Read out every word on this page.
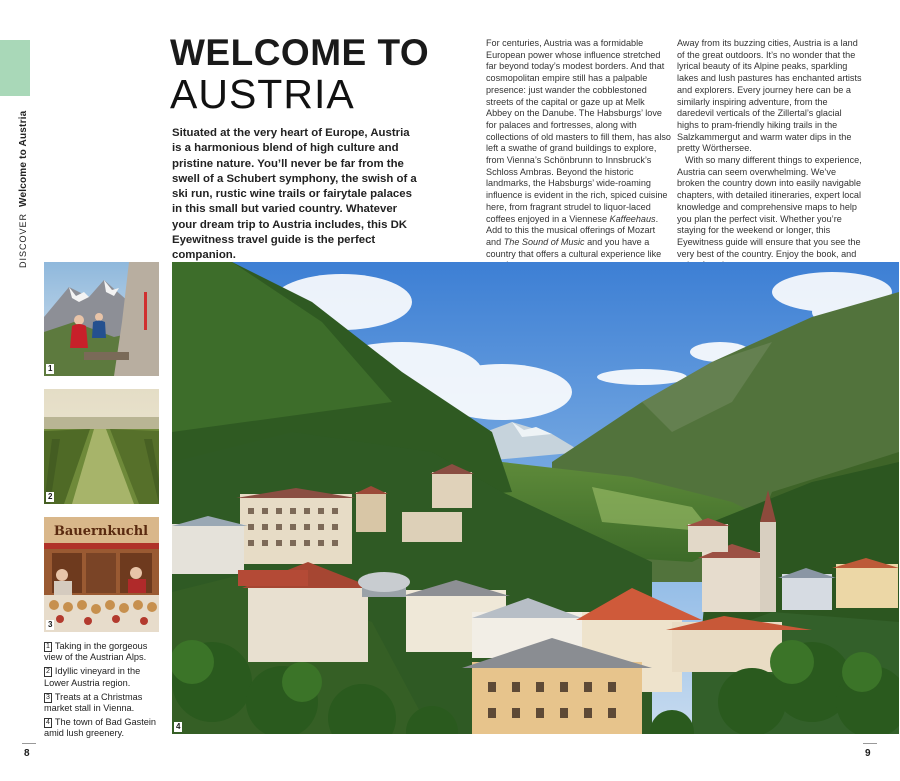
DISCOVERWelcome to Austria
WELCOME TO
AUSTRIA
Situated at the very heart of Europe, Austria is a harmonious blend of high culture and pristine nature. You’ll never be far from the swell of a Schubert symphony, the swish of a ski run, rustic wine trails or fairytale palaces in this small but varied country. Whatever your dream trip to Austria includes, this DK Eyewitness travel guide is the perfect companion.

For centuries, Austria was a formidable European power whose influence stretched far beyond today’s modest borders. And that cosmopolitan empire still has a palpable presence: just wander the cobblestoned streets of the capital or gaze up at Melk Abbey on the Danube. The Habsburgs’ love for palaces and fortresses, along with collections of old masters to fill them, has also left a swathe of grand buildings to explore, from Vienna’s Schönbrunn to Innsbruck’s Schloss Ambras. Beyond the historic landmarks, the Habsburgs’ wide-roaming influence is evident in the rich, spiced cuisine here, from fragrant strudel to liquor-laced coffees enjoyed in a Viennese Kaffeehaus.

Add to this the musical offerings of Mozart and The Sound of Music and you have a country that offers a cultural experience like

Away from its buzzing cities, Austria is a land of the great outdoors. It’s no wonder that the lyrical beauty of its Alpine peaks, sparkling lakes and lush pastures has enchanted artists and explorers. Every journey here can be a similarly inspiring adventure, from the daredevil verticals of the Zillertal’s glacial highs to pram-friendly hiking trails in the Salzkammergut and warm water dips in the pretty Wörthersee.

With so many different things to experience, Austria can seem overwhelming. We’ve broken the country down into easily navigable chapters, with detailed itineraries, expert local knowledge and comprehensive maps to help you plan the perfect visit. Whether you’re staying for the weekend or longer, this Eyewitness guide will ensure that you see the very best of the country. Enjoy the book, and

1
2
Bauernkuchl
3
1 Taking in the gorgeous view of the Austrian Alps.
2 Idyllic vineyard in the Lower Austria region.
3 Treats at a Christmas market stall in Vienna.
4 The town of Bad Gastein amid lush greenery.
4
8	9
